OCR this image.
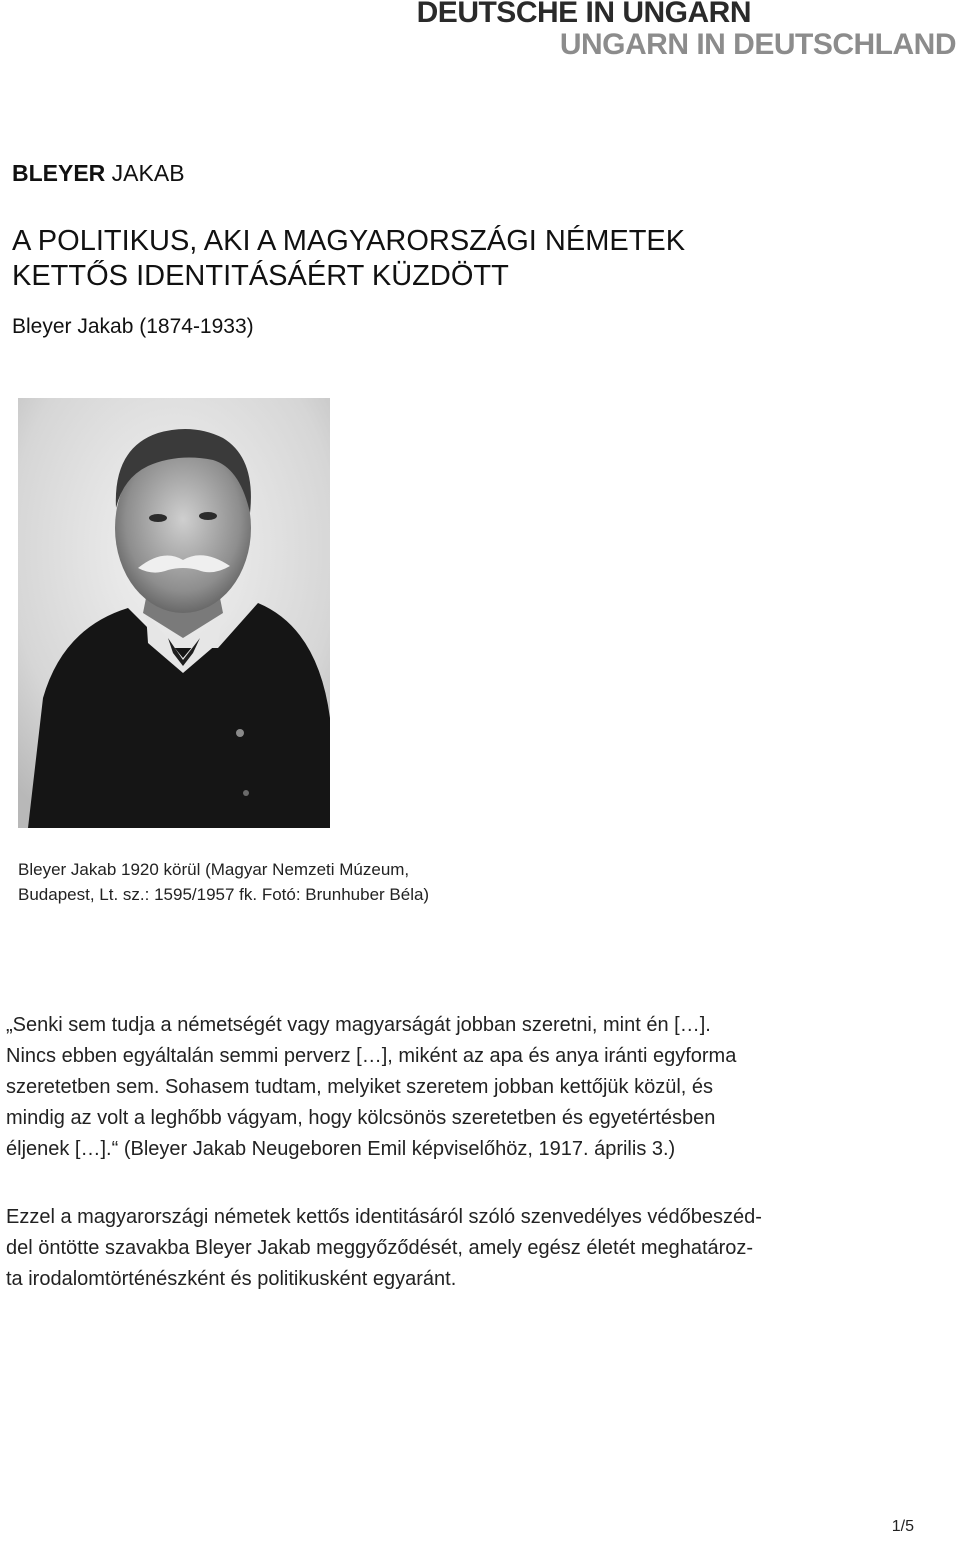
DEUTSCHE IN UNGARN
UNGARN IN DEUTSCHLAND
BLEYER JAKAB
A POLITIKUS, AKI A MAGYARORSZÁGI NÉMETEK
KETTŐS IDENTITÁSÁÉRT KÜZDÖTT
Bleyer Jakab (1874-1933)
Bleyer Jakab 1920 körül (Magyar Nemzeti Múzeum,
Budapest, Lt. sz.: 1595/1957 fk. Fotó: Brunhuber Béla)

„Senki sem tudja a németségét vagy magyarságát jobban szeretni, mint én […].

Nincs ebben egyáltalán semmi perverz […], miként az apa és anya iránti egyforma

szeretetben sem. Sohasem tudtam, melyiket szeretem jobban kettőjük közül, és

mindig az volt a leghőbb vágyam, hogy kölcsönös szeretetben és egyetértésben

éljenek […].“ (Bleyer Jakab Neugeboren Emil képviselőhöz, 1917. április 3.)

Ezzel a magyarországi németek kettős identitásáról szóló szenvedélyes védőbeszéd-

del öntötte szavakba Bleyer Jakab meggyőződését, amely egész életét meghatároz-

ta irodalomtörténészként és politikusként egyaránt.

1/5
